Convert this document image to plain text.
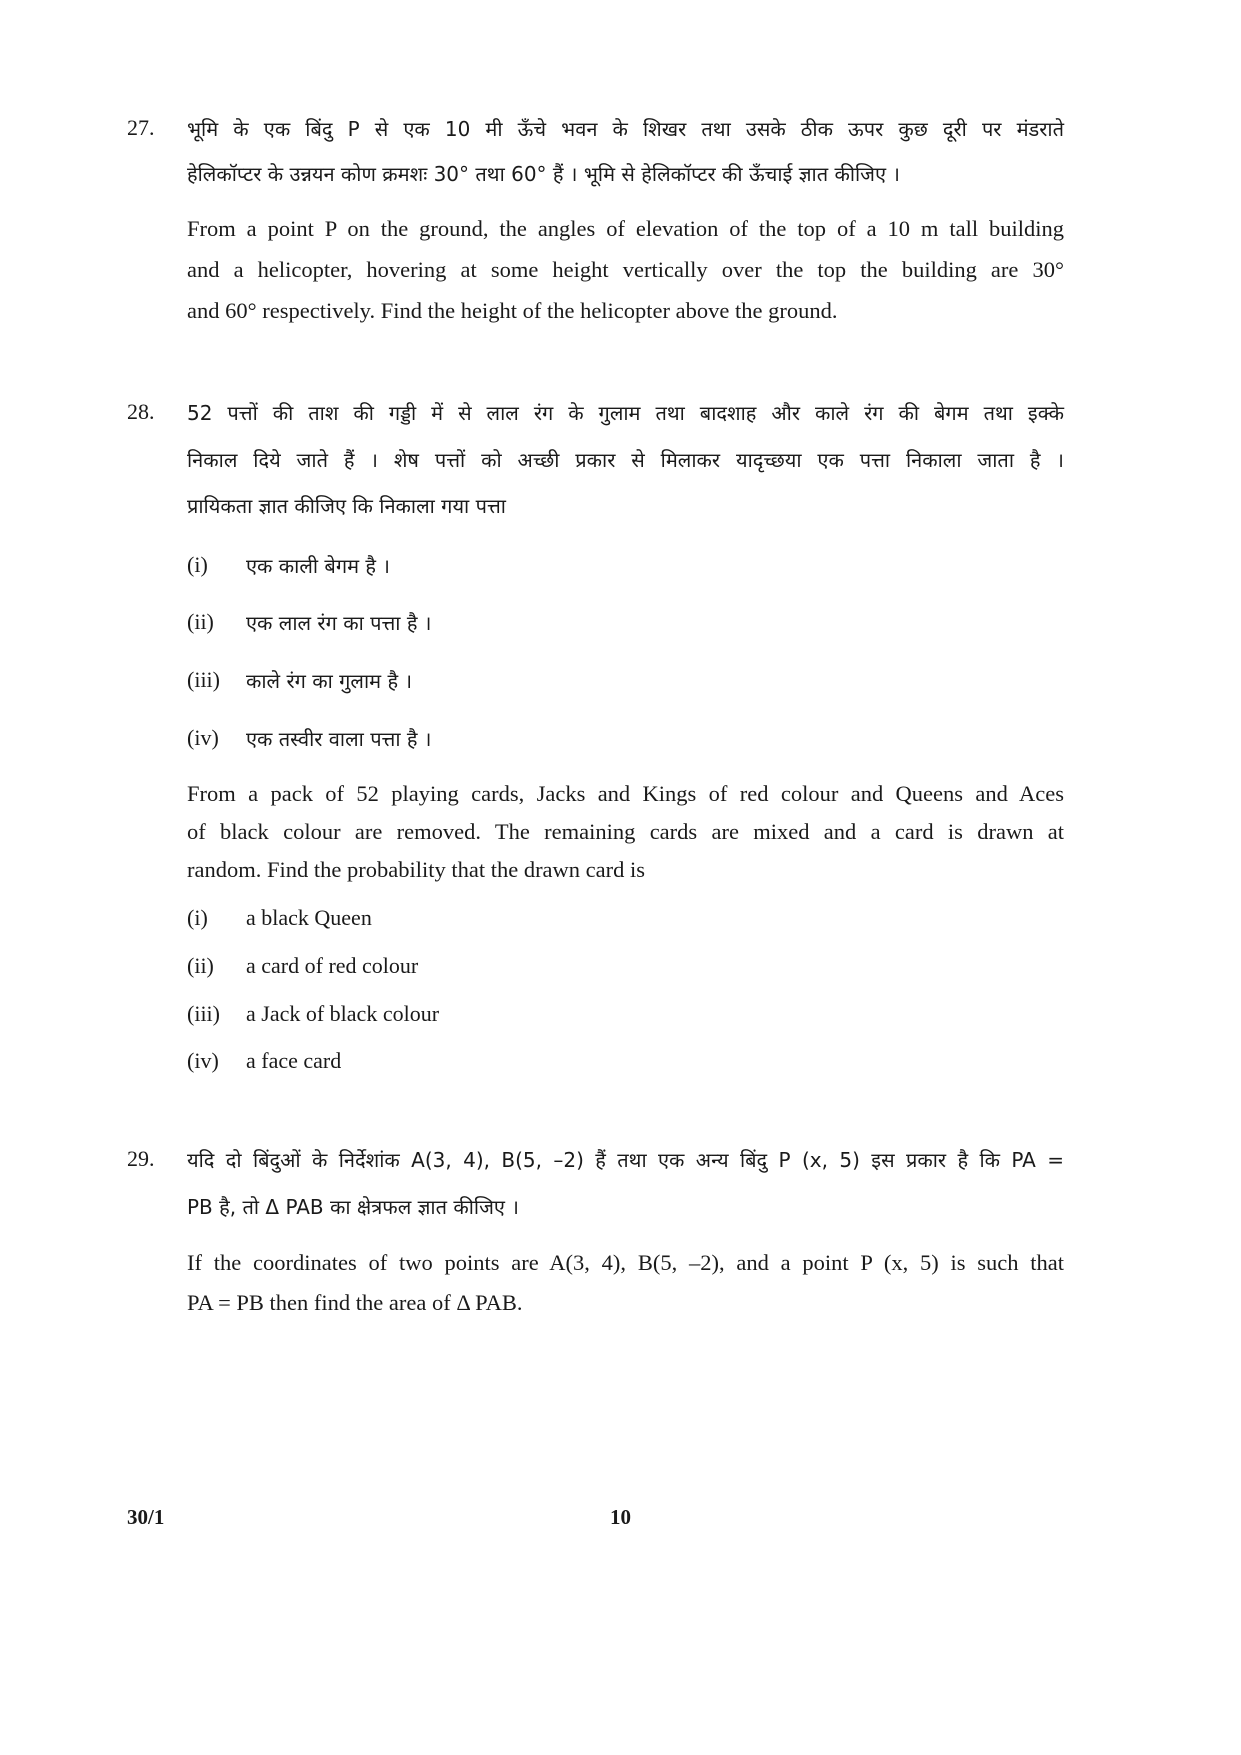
27. भूमि के एक बिंदु P से एक 10 मी ऊँचे भवन के शिखर तथा उसके ठीक ऊपर कुछ दूरी पर मंडराते
हेलिकॉप्टर के उन्नयन कोण क्रमशः 30° तथा 60° हैं । भूमि से हेलिकॉप्टर की ऊँचाई ज्ञात कीजिए ।
From a point P on the ground, the angles of elevation of the top of a 10 m tall building
and a helicopter, hovering at some height vertically over the top the building are 30°
and 60° respectively. Find the height of the helicopter above the ground.
28. 52 पत्तों की ताश की गड्डी में से लाल रंग के गुलाम तथा बादशाह और काले रंग की बेगम तथा इक्के
निकाल दिये जाते हैं । शेष पत्तों को अच्छी प्रकार से मिलाकर यादृच्छया एक पत्ता निकाला जाता है ।
प्रायिकता ज्ञात कीजिए कि निकाला गया पत्ता
(i) एक काली बेगम है ।
(ii) एक लाल रंग का पत्ता है ।
(iii) काले रंग का गुलाम है ।
(iv) एक तस्वीर वाला पत्ता है ।
From a pack of 52 playing cards, Jacks and Kings of red colour and Queens and Aces
of black colour are removed. The remaining cards are mixed and a card is drawn at
random. Find the probability that the drawn card is
(i) a black Queen
(ii) a card of red colour
(iii) a Jack of black colour
(iv) a face card
29. यदि दो बिंदुओं के निर्देशांक A(3, 4), B(5, –2) हैं तथा एक अन्य बिंदु P (x, 5) इस प्रकार है कि PA =
PB है, तो Δ PAB का क्षेत्रफल ज्ञात कीजिए ।
If the coordinates of two points are A(3, 4), B(5, –2), and a point P (x, 5) is such that
PA = PB then find the area of Δ PAB.
30/1	10
